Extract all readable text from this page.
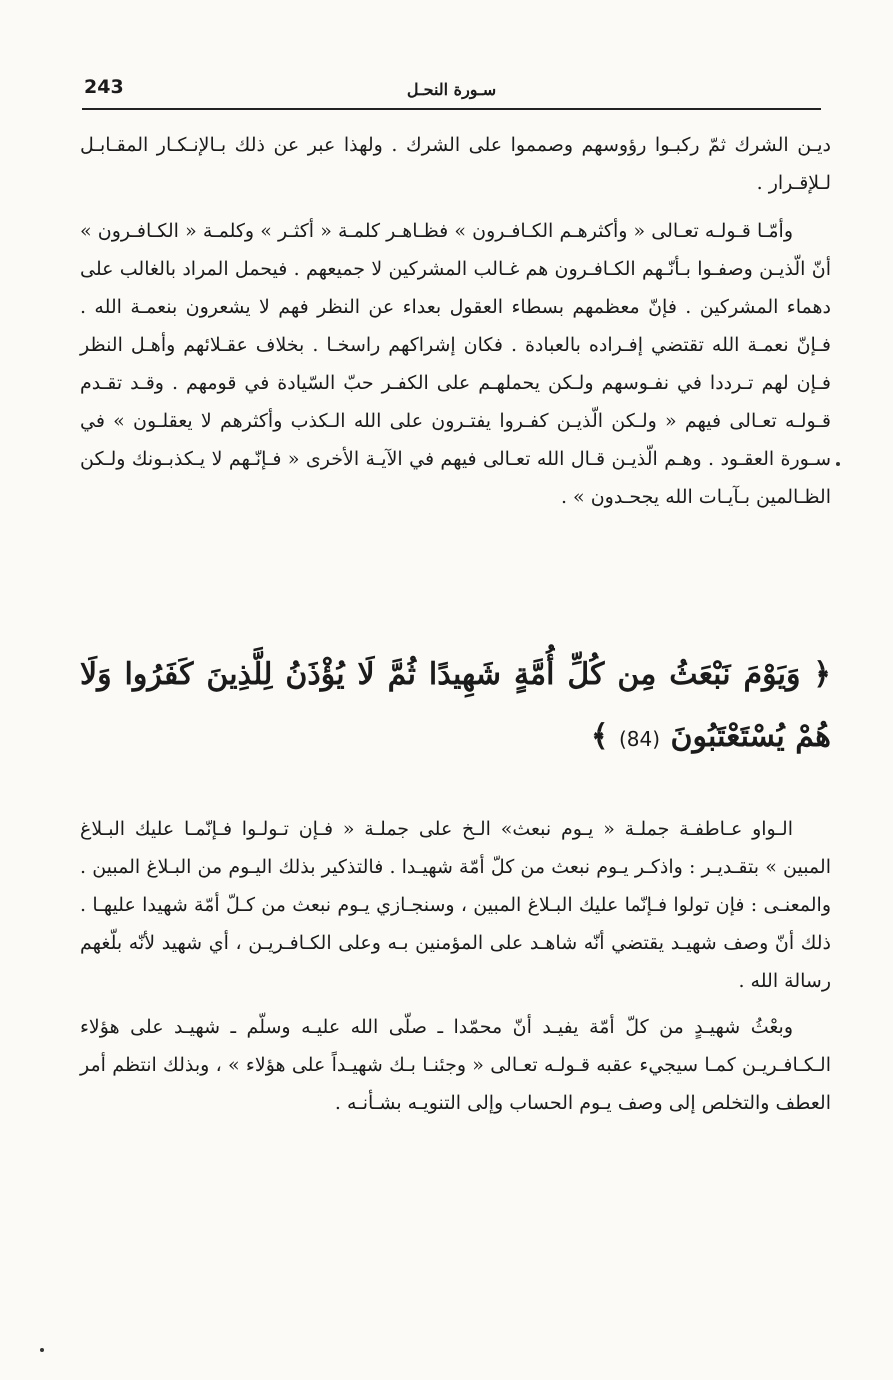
243	سـورة النحـل

ديـن الشرك ثمّ ركبـوا رؤوسهم وصمموا على الشرك . ولهذا عبر عن ذلك بـالإنـكـار المقـابـل لـلإقـرار .

وأمّـا قـولـه تعـالى « وأكثرهـم الكـافـرون » فظـاهـر كلمـة « أكثـر » وكلمـة « الكـافـرون » أنّ الّذيـن وصفـوا بـأنّـهم الكـافـرون هم غـالب المشركين لا جميعهم . فيحمل المراد بالغالب على دهماء المشركين . فإنّ معظمهم بسطاء العقول بعداء عن النظر فهم لا يشعرون بنعمـة الله . فـإنّ نعمـة الله تقتضي إفـراده بالعبادة . فكان إشراكهم راسخـا . بخلاف عقـلائهم وأهـل النظر فـإن لهم تـرددا في نفـوسهم ولـكن يحملهـم على الكفـر حبّ السّيادة في قومهم . وقـد تقـدم قـولـه تعـالى فيهم « ولـكن الّذيـن كفـروا يفتـرون على الله الـكذب وأكثرهم لا يعقلـون » في سـورة العقـود . وهـم الّذيـن قـال الله تعـالى فيهم في الآيـة الأخرى « فـإنّـهم لا يـكذبـونك ولـكن الظـالمين بـآيـات الله يجحـدون » .

﴿ وَيَوْمَ نَبْعَثُ مِن كُلِّ أُمَّةٍ شَهِيدًا ثُمَّ لَا يُؤْذَنُ لِلَّذِينَ كَفَرُوا وَلَا هُمْ يُسْتَعْتَبُونَ (84) ﴾

الـواو عـاطفـة جملـة « يـوم نبعث» الـخ على جملـة « فـإن تـولـوا فـإنّمـا عليك البـلاغ المبين » بتقـديـر : واذكـر يـوم نبعث من كلّ أمّة شهيـدا . فالتذكير بذلك اليـوم من البـلاغ المبين . والمعنـى : فإن تولوا فـإنّما عليك البـلاغ المبين ، وسنجـازي يـوم نبعث من كـلّ أمّة شهيدا عليهـا . ذلك أنّ وصف شهيـد يقتضي أنّه شاهـد على المؤمنين بـه وعلى الكـافـريـن ، أي شهيد لأنّه بلّغهم رسالة الله .

وبعْثُ شهيـدٍ من كلّ أمّة يفيـد أنّ محمّدا ـ صلّى الله عليـه وسلّم ـ شهيـد على هؤلاء الـكـافـريـن كمـا سيجيء عقبه قـولـه تعـالى « وجئنـا بـك شهيـداً على هؤلاء » ، وبذلك انتظم أمر العطف والتخلص إلى وصف يـوم الحساب وإلى التنويـه بشـأنـه .
